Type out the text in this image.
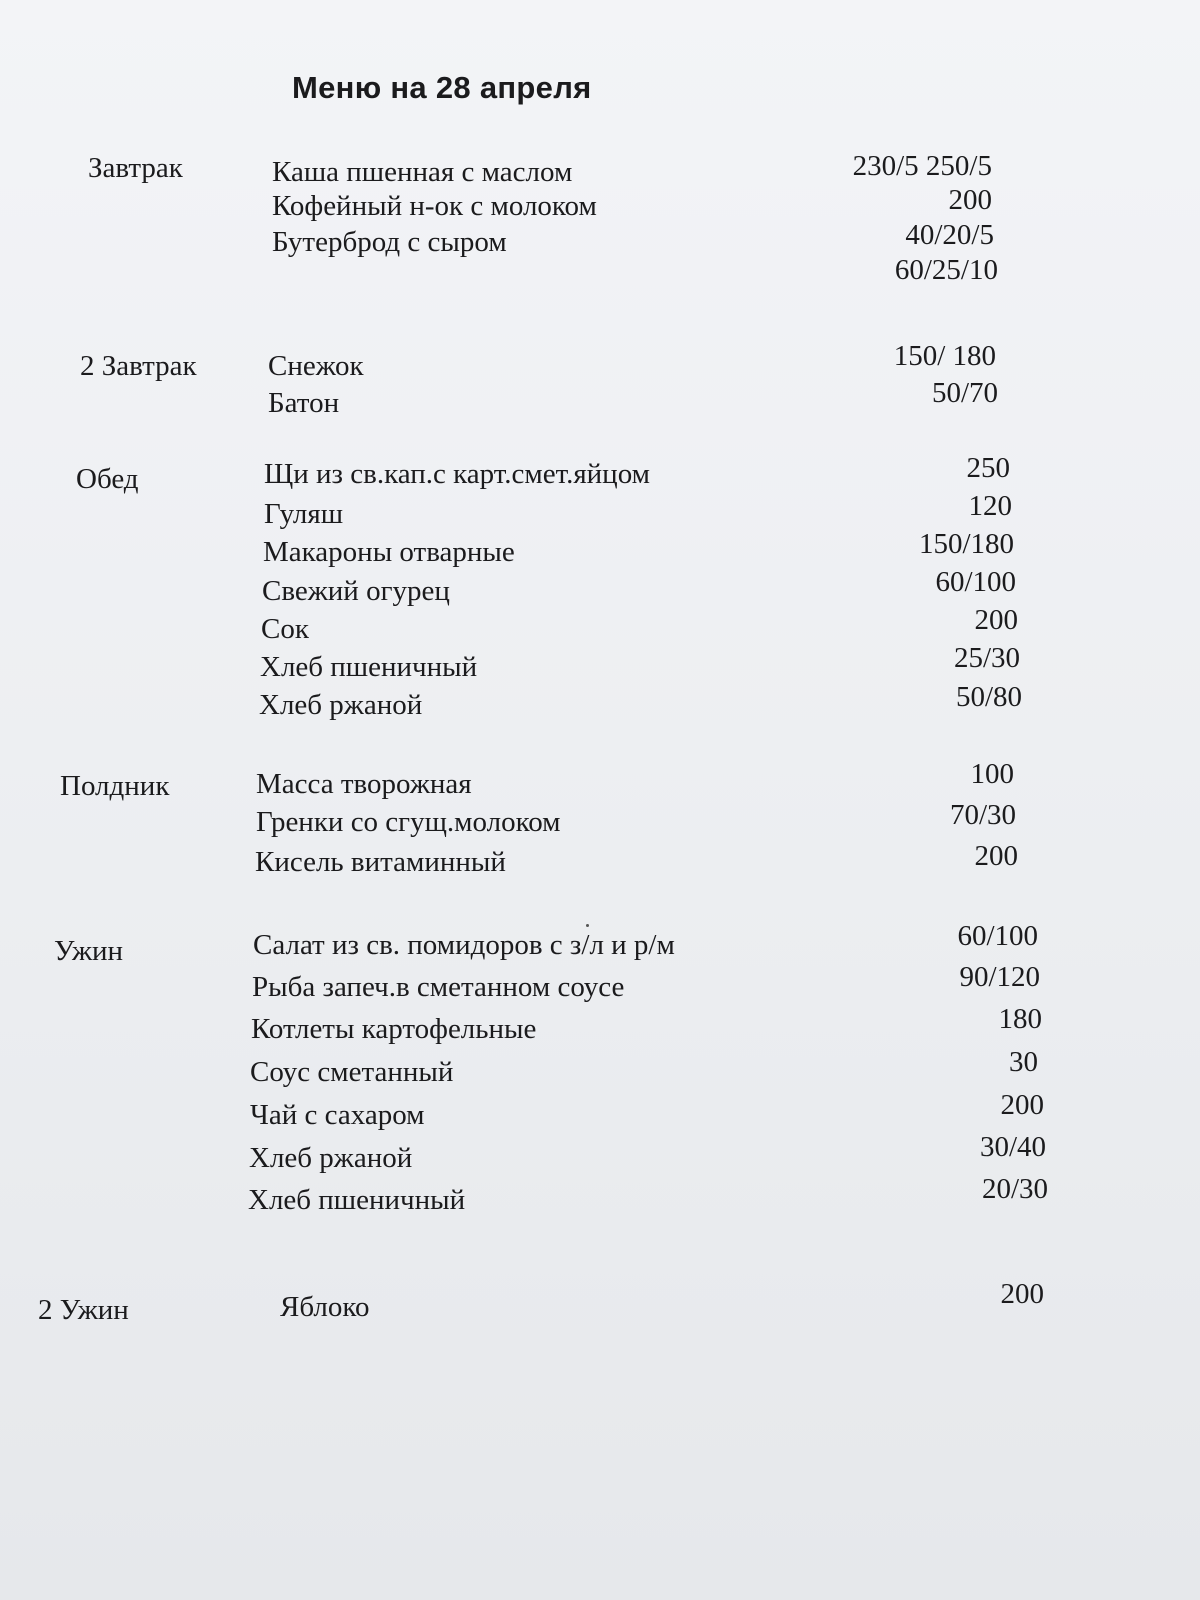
Меню на 28 апреля
Завтрак	Каша пшенная с маслом	230/5 250/5
Кофейный н-ок с молоком	200
Бутерброд с сыром	40/20/5
60/25/10
2 Завтрак Снежок	150/ 180
Батон	50/70
Обед	Щи из св.кап.с карт.смет.яйцом	250
Гуляш	120
Макароны отварные	150/180
Свежий огурец	60/100
Сок	200
Хлеб пшеничный	25/30
Хлеб ржаной	50/80
Полдник	Масса творожная	100
Гренки со сгущ.молоком	70/30
Кисель витаминный	200
Ужин	Салат из св. помидоров с з/л и р/м	60/100
Рыба запеч.в сметанном соусе	90/120
Котлеты картофельные	180
Соус сметанный	30
Чай с сахаром	200
Хлеб ржаной	30/40
Хлеб пшеничный	20/30
2 Ужин	Яблоко	200
